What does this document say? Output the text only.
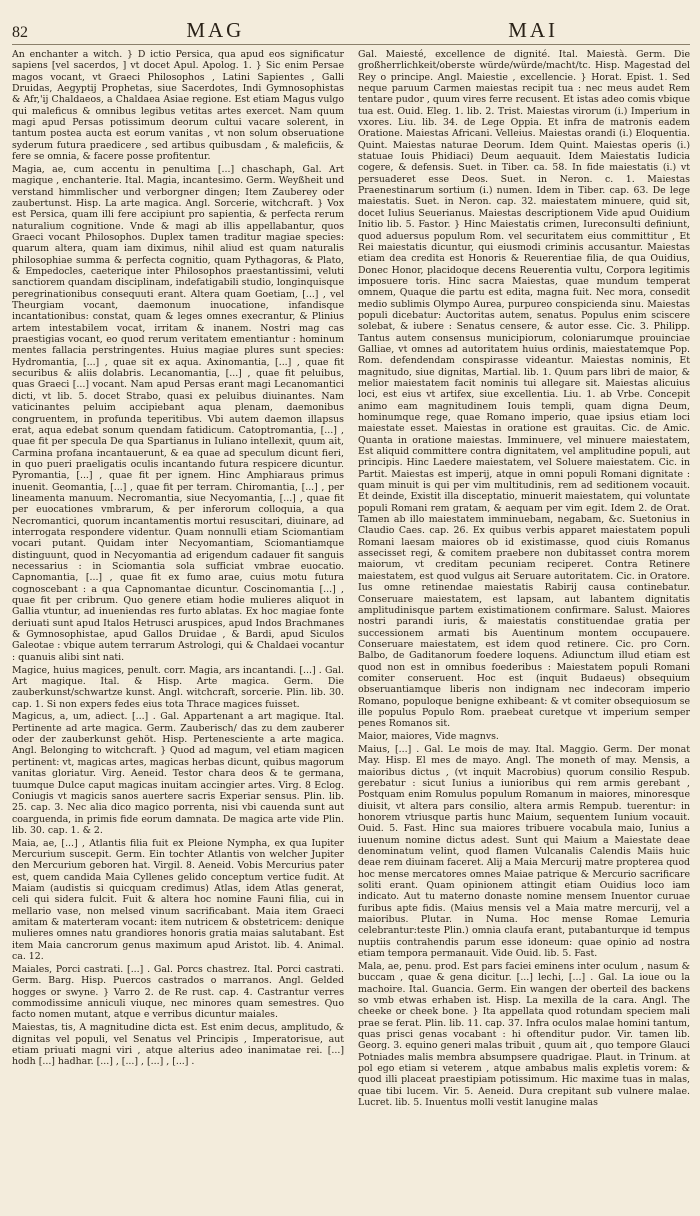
82	MAG	MAI

An enchanter a witch. } D ictio Persica, qua apud eos significatur sapiens [vel sacerdos, ] vt docet Apul. Apolog. 1. } Sic enim Persae magos vocant, vt Graeci Philosophos , Latini Sapientes , Galli Druidas, Aegyptij Prophetas, siue Sacerdotes, Indi Gymnosophistas & Afr,'ij Chaldaeos, a Chaldaea Asiae regione. Est etiam Magus vulgo qui maleficus & omnibus legibus vetitas artes exercet. Nam quum magi apud Persas potissimum deorum cultui vacare solerent, in tantum postea aucta est eorum vanitas , vt non solum obseruatione syderum futura praedicere , sed artibus quibusdam , & maleficiis, & fere se omnia, & facere posse profitentur.

Magia, ae, cum accentu in penultima [...] chaschaph, Gal. Art magique , enchanterie. Ital. Magia, incantesimo. Germ. Weyßheit und verstand himmlischer und verborgner dingen; Item Zauberey oder zaubertunst. Hisp. La arte magica. Angl. Sorcerie, witchcraft. } Vox est Persica, quam illi fere accipiunt pro sapientia, & perfecta rerum naturalium cognitione. Vnde & magi ab illis appellabantur, quos Graeci vocant Philosophos. Duplex tamen traditur magiae species: quarum altera, quam iam diximus, nihil aliud est quam naturalis philosophiae summa & perfecta cognitio, quam Pythagoras, & Plato, & Empedocles, caeterique inter Philosophos praestantissimi, veluti sanctiorem quandam disciplinam, indefatigabili studio, longinquisque peregrinationibus consequuti erant. Altera quam Goetiam, [...] , vel Theurgiam vocant, daemonum inuocatione, infandisque incantationibus: constat, quam & leges omnes execrantur, & Plinius artem intestabilem vocat, irritam & inanem. Nostri mag cas praestigias vocant, eo quod rerum veritatem ementiantur : hominum mentes fallacia perstringentes. Huius magiae plures sunt species: Hydromantia, [...] , quae sit ex aqua. Axinomantia, [...] , quae fit securibus & aliis dolabris. Lecanomantia, [...] , quae fit peluibus, quas Graeci [...] vocant. Nam apud Persas erant magi Lecanomantici dicti, vt lib. 5. docet Strabo, quasi ex peluibus diuinantes. Nam vaticinantes peluim accipiebant aqua plenam, daemonibus congruentem, in profunda teperitibus. Vbi autem daemon illapsus erat, aqua edebat sonum quendam fatidicum. Catoptromantia, [...] , quae fit per specula De qua Spartianus in Iuliano intellexit, quum ait, Carmina profana incantauerunt, & ea quae ad speculum dicunt fieri, in quo pueri praeligatis oculis incantando futura respicere dicuntur. Pyromantia, [...] , quae fit per ignem. Hinc Amphiaraus primus inuenit. Geomantia, [...] , quae fit per terram. Chiromantia, [...] , per lineamenta manuum. Necromantia, siue Necyomantia, [...] , quae fit per euocationes vmbrarum, & per inferorum colloquia, a qua Necromantici, quorum incantamentis mortui resuscitari, diuinare, ad interrogata respondere videntur. Quam nonnulli etiam Sciomantiam vocari putant. Quidam inter Necyomantiam, Sciomantiamque distinguunt, quod in Necyomantia ad erigendum cadauer fit sanguis necessarius : in Sciomantia sola sufficiat vmbrae euocatio. Capnomantia, [...] , quae fit ex fumo arae, cuius motu futura cognoscebant : a qua Capnomantae dicuntur. Coscinomantia [...] , quae fit per cribrum. Quo genere etiam hodie mulieres aliquot in Gallia vtuntur, ad inueniendas res furto ablatas. Ex hoc magiae fonte deriuati sunt apud Italos Hetrusci aruspices, apud Indos Brachmanes & Gymnosophistae, apud Gallos Druidae , & Bardi, apud Siculos Galeotae : vbique autem terrarum Astrologi, qui & Chaldaei vocantur : quanuis alibi sint nati.

Magice, huius magices, penult. corr. Magia, ars incantandi. [...] . Gal. Art magique. Ital. & Hisp. Arte magica. Germ. Die zauberkunst/schwartze kunst. Angl. witchcraft, sorcerie. Plin. lib. 30. cap. 1. Si non expers fedes eius tota Thrace magices fuisset.

Magicus, a, um, adiect. [...] . Gal. Appartenant a art magique. Ital. Pertinente ad arte magica. Germ. Zauberisch/ das zu dem zauberer oder der zauberkunst gehöt. Hisp. Pertenesciente a arte magica. Angl. Belonging to witchcraft. } Quod ad magum, vel etiam magicen pertinent: vt, magicas artes, magicas herbas dicunt, quibus magorum vanitas gloriatur. Virg. Aeneid. Testor chara deos & te germana, tuumque Dulce caput magicas inuitam accingier artes. Virg. 8 Eclog. Coniugis vt magicis sanos auertere sacris Experiar sensus. Plin. lib. 25. cap. 3. Nec alia dico magico porrenta, nisi vbi cauenda sunt aut coarguenda, in primis fide eorum damnata. De magica arte vide Plin. lib. 30. cap. 1. & 2.

Maia, ae, [...] , Atlantis filia fuit ex Pleione Nympha, ex qua Iupiter Mercurium suscepit. Germ. Ein tochter Atlantis von welcher Jupiter den Mercurium geboren hat. Virgil. 8. Aeneid. Vobis Mercurius pater est, quem candida Maia Cyllenes gelido conceptum vertice fudit. At Maiam (audistis si quicquam credimus) Atlas, idem Atlas generat, celi qui sidera fulcit. Fuit & altera hoc nomine Fauni filia, cui in mellario vase, non melsed vinum sacrificabant. Maia item Graeci amitam & materteram vocant: item nutricem & obstetricem: denique mulieres omnes natu grandiores honoris gratia maias salutabant. Est item Maia cancrorum genus maximum apud Aristot. lib. 4. Animal. ca. 12.

Maiales, Porci castrati. [...] . Gal. Porcs chastrez. Ital. Porci castrati. Germ. Barg. Hisp. Puercos castrados o marranos. Angl. Gelded hogges or swyne. } Varro 2. de Re rust. cap. 4. Castrantur verres commodissime anniculi viuque, nec minores quam semestres. Quo facto nomen mutant, atque e verribus dicuntur maiales.

Maiestas, tis, A magnitudine dicta est. Est enim decus, amplitudo, & dignitas vel populi, vel Senatus vel Principis , Imperatorisue, aut etiam priuati magni viri , atque alterius adeo inanimatae rei. [...] hodh [...] hadhar. [...] , [...] , [...] , [...] .

Gal. Maiesté, excellence de dignité. Ital. Maiestà. Germ. Die großherrlichkeit/oberste würde/würde/macht/tc. Hisp. Magestad del Rey o principe. Angl. Maiestie , excellencie. } Horat. Epist. 1. Sed neque paruum Carmen maiestas recipit tua : nec meus audet Rem tentare pudor , quum vires ferre recusent. Et istas adeo comis vbique tua est. Ouid. Eleg. 1. lib. 2. Trist. Maiestas virorum (i.) Imperium in vxores. Liu. lib. 34. de Lege Oppia. Et infra de matronis eadem Oratione. Maiestas Africani. Velleius. Maiestas orandi (i.) Eloquentia. Quint. Maiestas naturae Deorum. Idem Quint. Maiestas operis (i.) statuae Iouis Phidiaci) Deum aequauit. Idem Maiestatis Iudicia cogere, & defensis. Suet. in Tiber. ca. 58. In fide maiestatis (i.) vt persuaderet esse Deos. Suet. in Neron. c. 1. Maiestas Praenestinarum sortium (i.) numen. Idem in Tiber. cap. 63. De lege maiestatis. Suet. in Neron. cap. 32. maiestatem minuere, quid sit, docet Iulius Seuerianus. Maiestas descriptionem Vide apud Ouidium Initio lib. 5. Fastor. } Hinc Maiestatis crimen, Iureconsulti definiunt, quod aduersus populum Rom. vel securitatem eius committitur , Et Rei maiestatis dicuntur, qui eiusmodi criminis accusantur. Maiestas etiam dea credita est Honoris & Reuerentiae filia, de qua Ouidius, Donec Honor, placidoque decens Reuerentia vultu, Corpora legitimis imposuere toris. Hinc sacra Maiestas, quae mundum temperat omnem, Quaque die partu est edita, magna fuit. Nec mora, consedit medio sublimis Olympo Aurea, purpureo conspicienda sinu. Maiestas populi dicebatur: Auctoritas autem, senatus. Populus enim sciscere solebat, & iubere : Senatus censere, & autor esse. Cic. 3. Philipp. Tantus autem consensus municipiorum, coloniarumque prouinciae Galliae, vt omnes ad autoritatem huius ordinis, maiestatemque Pop. Rom. defendendam conspirasse videantur. Maiestas nominis, Et magnitudo, siue dignitas, Martial. lib. 1. Quum pars libri de maior, & melior maiestatem facit nominis tui allegare sit. Maiestas alicuius loci, est eius vt artifex, siue excellentia. Liu. 1. ab Vrbe. Concepit animo eam magnitudinem Iouis templi, quam digna Deum, hominumque rege, quae Romano imperio, quae ipsius etiam loci maiestate esset. Maiestas in oratione est grauitas. Cic. de Amic. Quanta in oratione maiestas. Imminuere, vel minuere maiestatem, Est aliquid committere contra dignitatem, vel amplitudine populi, aut principis. Hinc Laedere maiestatem, vel Soluere maiestatem. Cic. in Partit. Maiestas est imperij, atque in omni populi Romani dignitate : quam minuit is qui per vim multitudinis, rem ad seditionem vocauit. Et deinde, Existit illa disceptatio, minuerit maiestatem, qui voluntate populi Romani rem gratam, & aequam per vim egit. Idem 2. de Orat. Tamen ab illo maiestatem imminuebam, negabam, &c. Suetonius in Claudio Caes. cap. 26. Ex quibus verbis apparet maiestatem populi Romani laesam maiores ob id existimasse, quod ciuis Romanus assecisset regi, & comitem praebere non dubitasset contra morem maiorum, vt creditam pecuniam reciperet. Contra Retinere maiestatem, est quod vulgus ait Seruare autoritatem. Cic. in Oratore. Ius omne retinendae maiestatis Rabirij causa continebatur. Conseruare maiestatem, est lapsam, aut labantem dignitatis amplitudinisque partem existimationem confirmare. Salust. Maiores nostri parandi iuris, & maiestatis constituendae gratia per successionem armati bis Auentinum montem occupauere. Conseruare maiestatem, est idem quod retinere. Cic. pro Corn. Balbo, de Gaditanorum foedere loquens. Adiunctum illud etiam est quod non est in omnibus foederibus : Maiestatem populi Romani comiter conseruent. Hoc est (inquit Budaeus) obsequium obseruantiamque liberis non indignam nec indecoram imperio Romano, populoque benigne exhibeant: & vt comiter obsequiosum se ille populus Populo Rom. praebeat curetque vt imperium semper penes Romanos sit.

Maior, maiores, Vide magnvs.

Maius, [...] . Gal. Le mois de may. Ital. Maggio. Germ. Der monat May. Hisp. El mes de mayo. Angl. The moneth of may. Mensis, a maioribus dictus , (vt inquit Macrobius) quorum consilio Respub. gerebatur : sicut Iunius a iunioribus qui rem armis gerebant , Postquam enim Romulus populum Romanum in maiores, minoresque diuisit, vt altera pars consilio, altera armis Rempub. tuerentur: in honorem vtriusque partis hunc Maium, sequentem Iunium vocauit. Ouid. 5. Fast. Hinc sua maiores tribuere vocabula maio, Iunius a iuuenum nomine dictus adest. Sunt qui Maium a Maiestate deae denominatum velint, quod flamen Vulcanalis Calendis Maiis huic deae rem diuinam faceret. Alij a Maia Mercurij matre propterea quod hoc mense mercatores omnes Maiae patrique & Mercurio sacrificare soliti erant. Quam opinionem attingit etiam Ouidius loco iam indicato. Aut tu materno donaste nomine mensem Inuentor curuae furibus apte fidis. (Maius mensis vel a Maia matre mercurij, vel a maioribus. Plutar. in Numa. Hoc mense Romae Lemuria celebrantur:teste Plin.) omnia claufa erant, putabanturque id tempus nuptiis contrahendis parum esse idoneum: quae opinio ad nostra etiam tempora permanauit. Vide Ouid. lib. 5. Fast.

Mala, ae, penu. prod. Est pars faciei eminens inter oculum , nasum & buccam , quae & gena dicitur. [...] lechi, [...] . Gal. La ioue ou la machoire. Ital. Guancia. Germ. Ein wangen der oberteil des backens so vmb etwas erhaben ist. Hisp. La mexilla de la cara. Angl. The cheeke or cheek bone. } Ita appellata quod rotundam speciem mali prae se ferat. Plin. lib. 11. cap. 37. Infra oculos malae homini tantum, quas prisci genas vocabant : hi oftenditur pudor. Vir. tamen lib. Georg. 3. equino generi malas tribuit , quum ait , quo tempore Glauci Potniades malis membra absumpsere quadrigae. Plaut. in Trinum. at pol ego etiam si veterem , atque ambabus malis expletis vorem: & quod illi placeat praestipiam potissimum. Hic maxime tuas in malas, quae tibi lucem. Vir. 5. Aeneid. Dura crepitant sub vulnere malae. Lucret. lib. 5. Inuentus molli vestit lanugine malas
